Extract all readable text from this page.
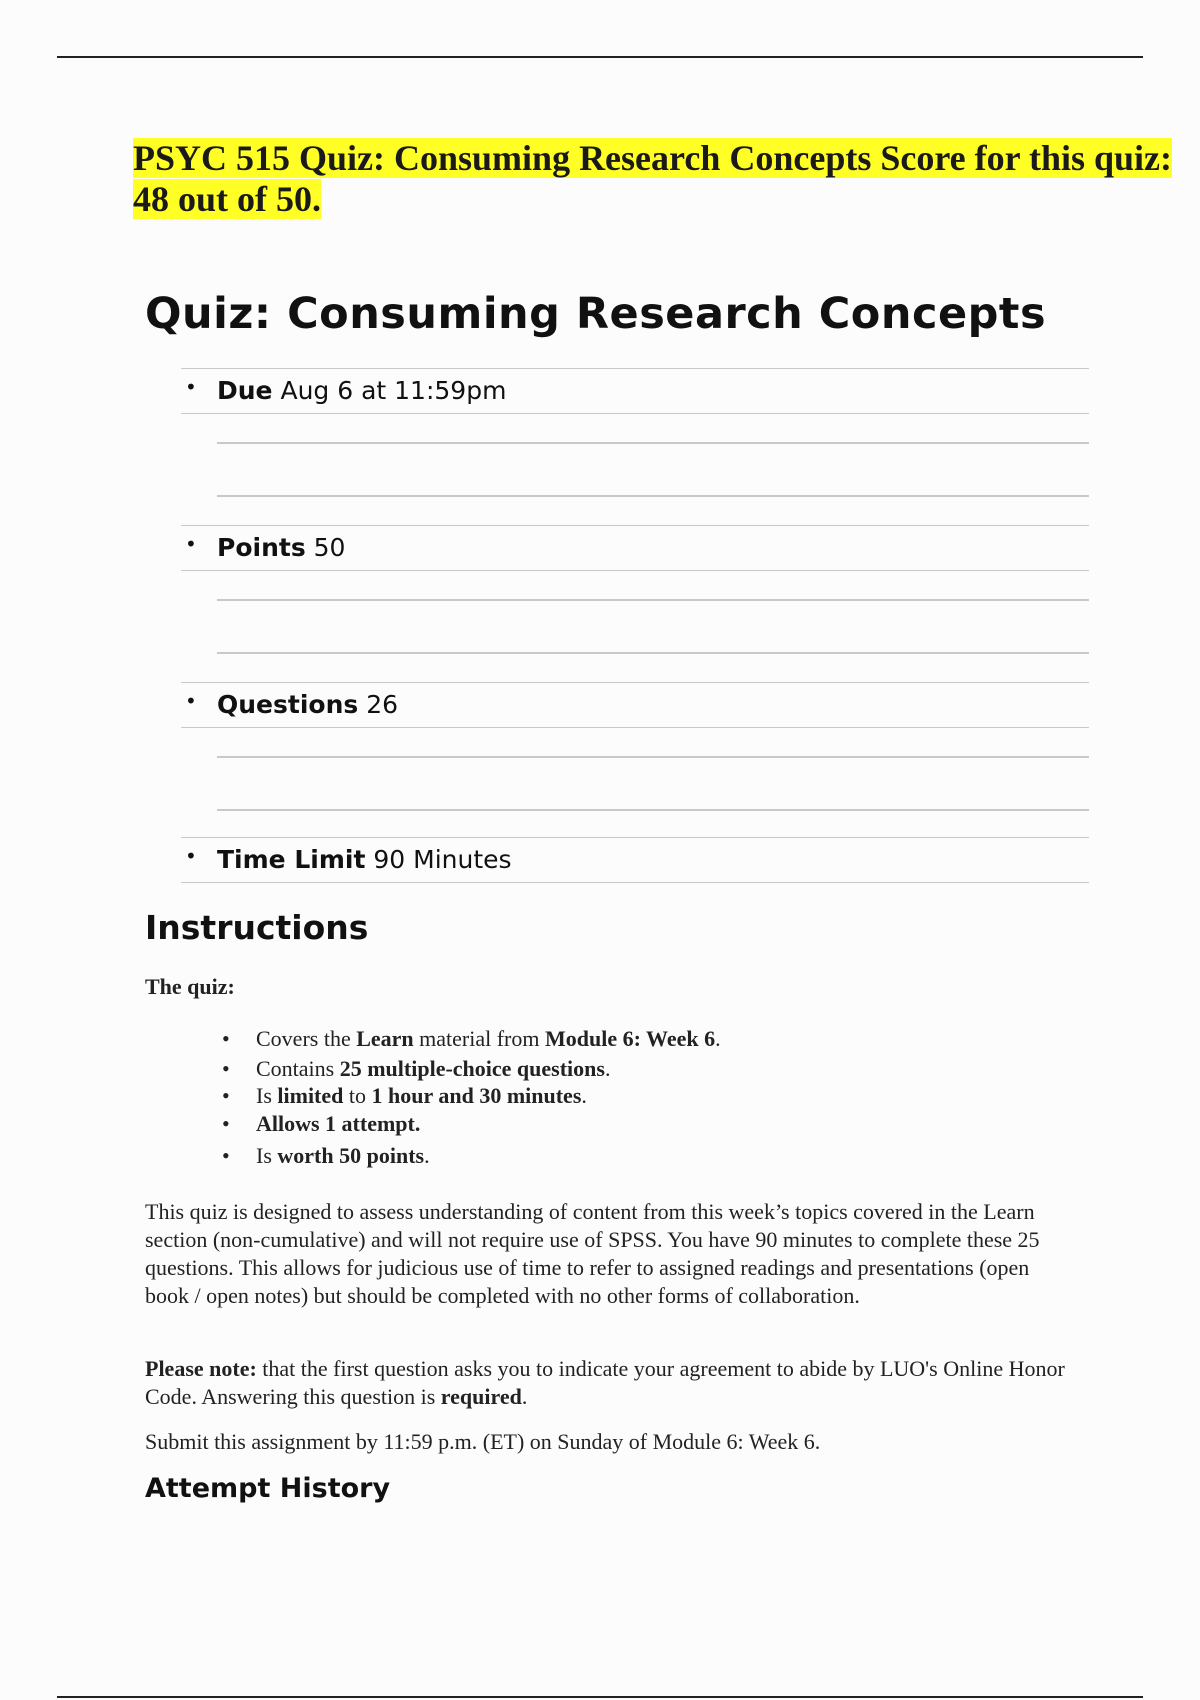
PSYC 515 Quiz: Consuming Research Concepts Score for this quiz:
48 out of 50.
Quiz: Consuming Research Concepts
• Due Aug 6 at 11:59pm
• Points 50
• Questions 26
• Time Limit 90 Minutes
Instructions
The quiz:
• Covers the Learn material from Module 6: Week 6.
• Contains 25 multiple-choice questions.
• Is limited to 1 hour and 30 minutes.
• Allows 1 attempt.
• Is worth 50 points.

This quiz is designed to assess understanding of content from this week’s topics covered in the Learn section (non-cumulative) and will not require use of SPSS. You have 90 minutes to complete these 25 questions. This allows for judicious use of time to refer to assigned readings and presentations (open book / open notes) but should be completed with no other forms of collaboration.

Please note: that the first question asks you to indicate your agreement to abide by LUO's Online Honor Code. Answering this question is required.

Submit this assignment by 11:59 p.m. (ET) on Sunday of Module 6: Week 6.

Attempt History
